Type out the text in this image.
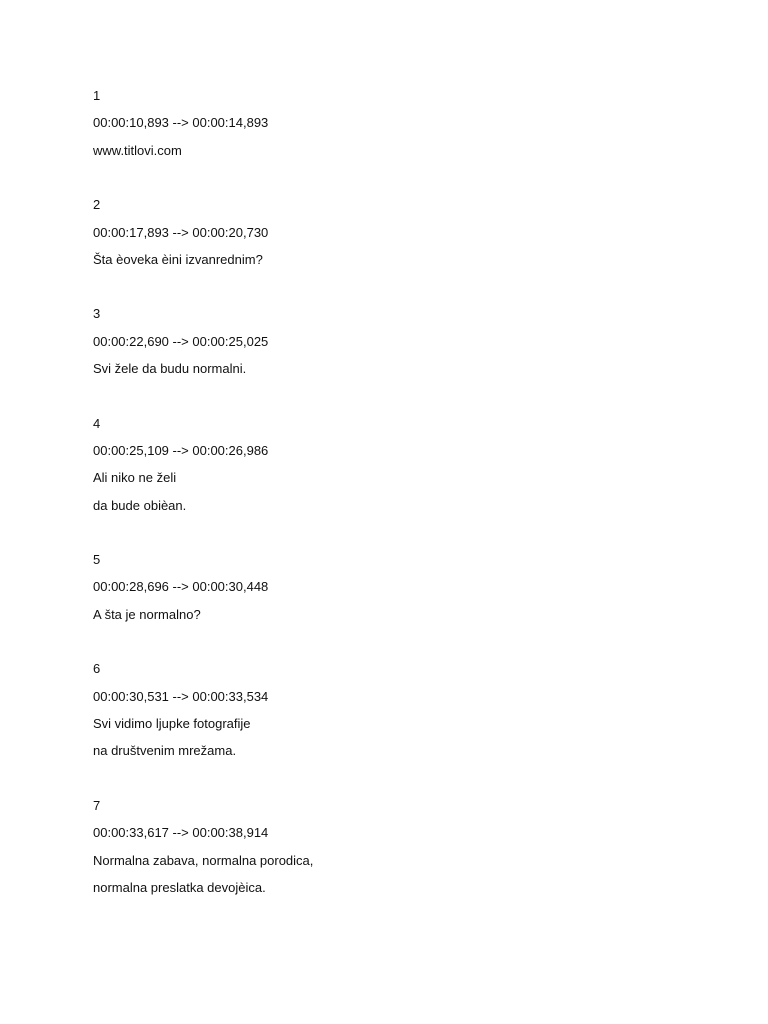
1
00:00:10,893 --> 00:00:14,893
www.titlovi.com
2
00:00:17,893 --> 00:00:20,730
Šta èoveka èini izvanrednim?
3
00:00:22,690 --> 00:00:25,025
Svi žele da budu normalni.
4
00:00:25,109 --> 00:00:26,986
Ali niko ne želi
da bude obièan.
5
00:00:28,696 --> 00:00:30,448
A šta je normalno?
6
00:00:30,531 --> 00:00:33,534
Svi vidimo ljupke fotografije
na društvenim mrežama.
7
00:00:33,617 --> 00:00:38,914
Normalna zabava, normalna porodica,
normalna preslatka devojèica.
